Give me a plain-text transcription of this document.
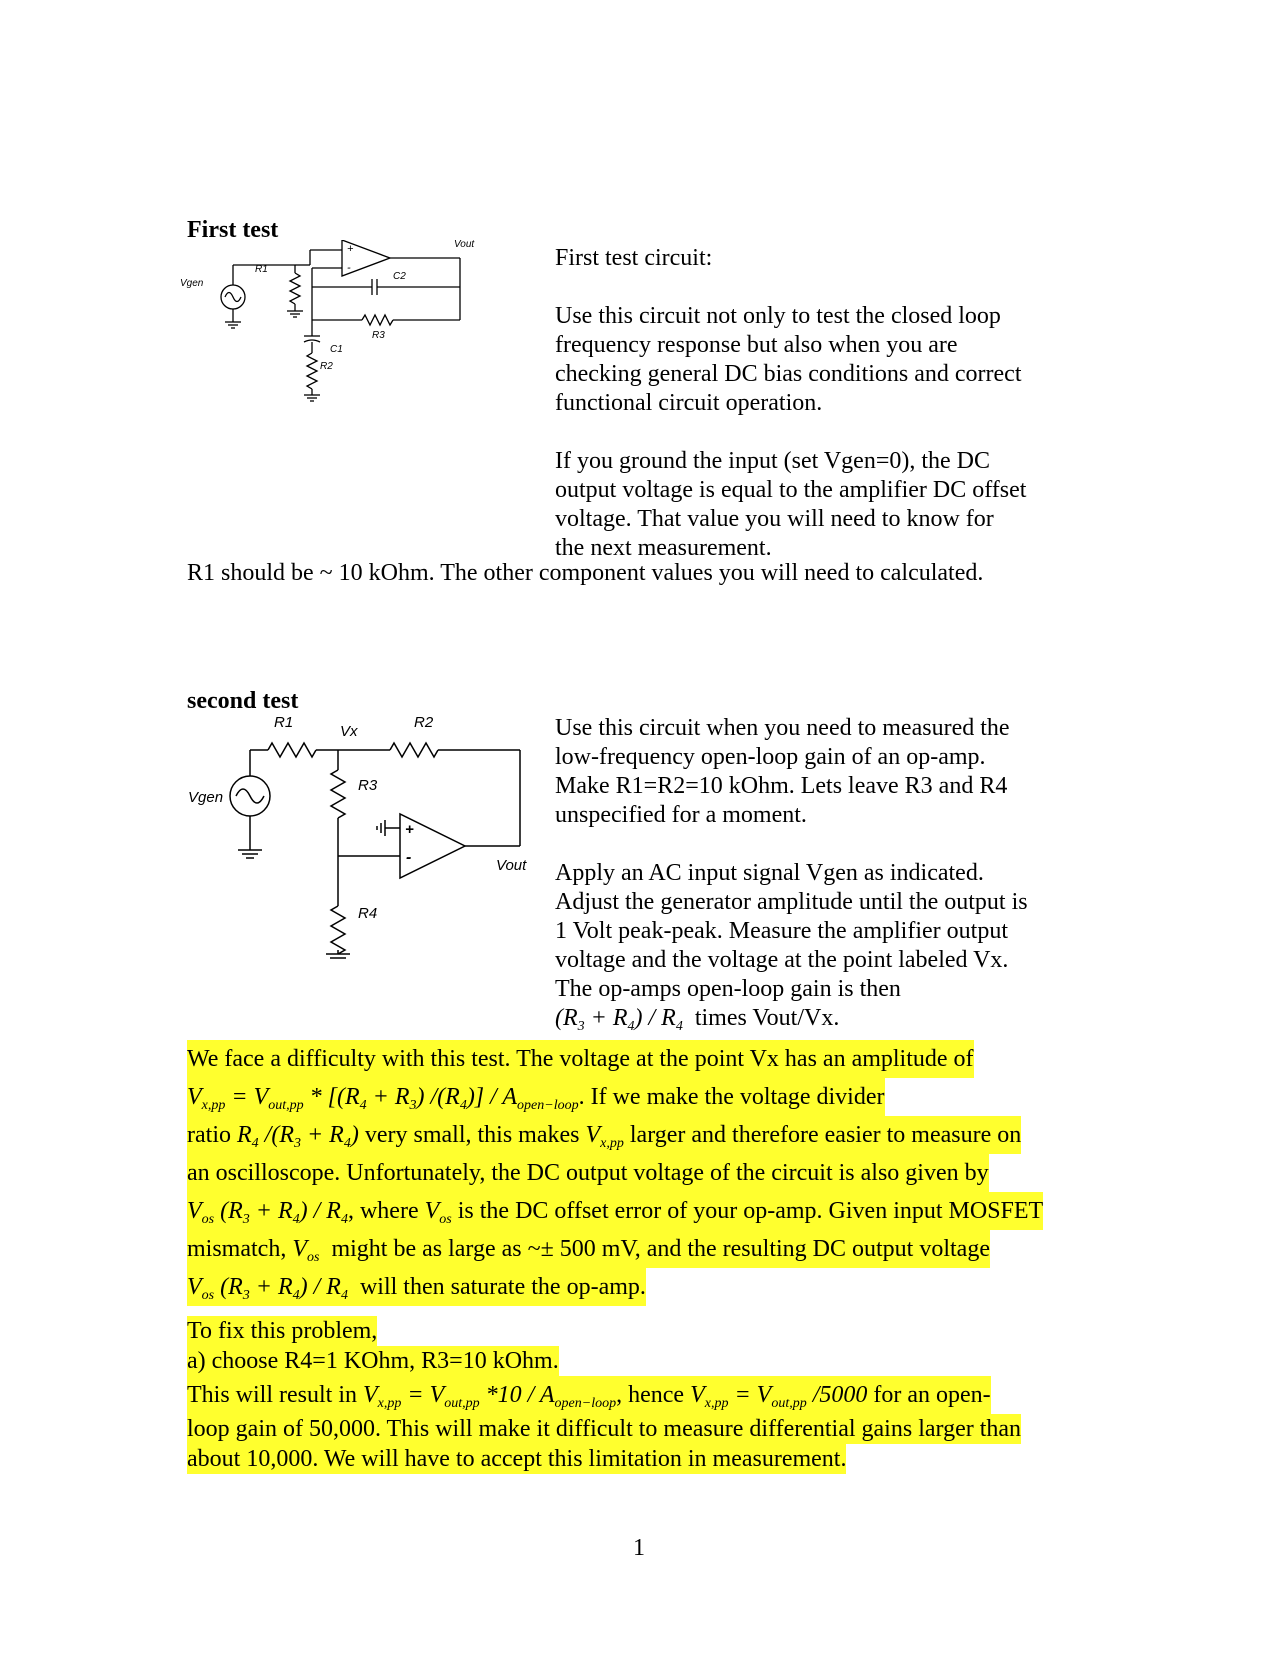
First test
Vgen
R1
+
-
Vout
C2
R3
C1
R2

First test circuit:

Use this circuit not only to test the closed loop

frequency response but also when you are

checking general DC bias conditions and correct

functional circuit operation.

If you ground the input (set Vgen=0), the DC

output voltage is equal to the amplifier DC offset

voltage. That value you will need to know for

the next measurement.

R1 should be ~ 10 kOhm. The other component values you will need to calculated.
second test
R1
Vx
R2
Vgen
R3
R4
Vout
+
-

Use this circuit when you need to measured the

low-frequency open-loop gain of an op-amp.

Make R1=R2=10 kOhm. Lets leave R3 and R4

unspecified for a moment.

Apply an AC input signal Vgen as indicated.

Adjust the generator amplitude until the output is

1 Volt peak-peak. Measure the amplifier output

voltage and the voltage at the point labeled Vx.

The op-amps open-loop gain is then

$(R_3 + R_4) / R_4$ times Vout/Vx.

We face a difficulty with this test. The voltage at the point Vx has an amplitude of
$V_{x,pp} = V_{out,pp} * [(R_4 + R_3)$ $/(R_4)] / A_{open-loop}$. If we make the voltage divider
ratio $R_4$ $/(R_3 + R_4)$ very small, this makes $V_{x,pp}$ larger and therefore easier to measure on
an oscilloscope. Unfortunately, the DC output voltage of the circuit is also given by
$V_{os}$ $(R_3 + R_4) / R_4$, where $V_{os}$ is the DC offset error of your op-amp. Given input MOSFET
mismatch, $V_{os}$ might be as large as ~± 500 mV, and the resulting DC output voltage
$V_{os}$ $(R_3 + R_4) / R_4$ will then saturate the op-amp.
To fix this problem,
a) choose R4=1 KOhm, R3=10 kOhm.
This will result in $V_{x,pp} = V_{out,pp}$ $*10 / A_{open-loop}$, hence $V_{x,pp} = V_{out,pp}$ /5000 for an open-
loop gain of 50,000. This will make it difficult to measure differential gains larger than
about 10,000. We will have to accept this limitation in measurement.
1
